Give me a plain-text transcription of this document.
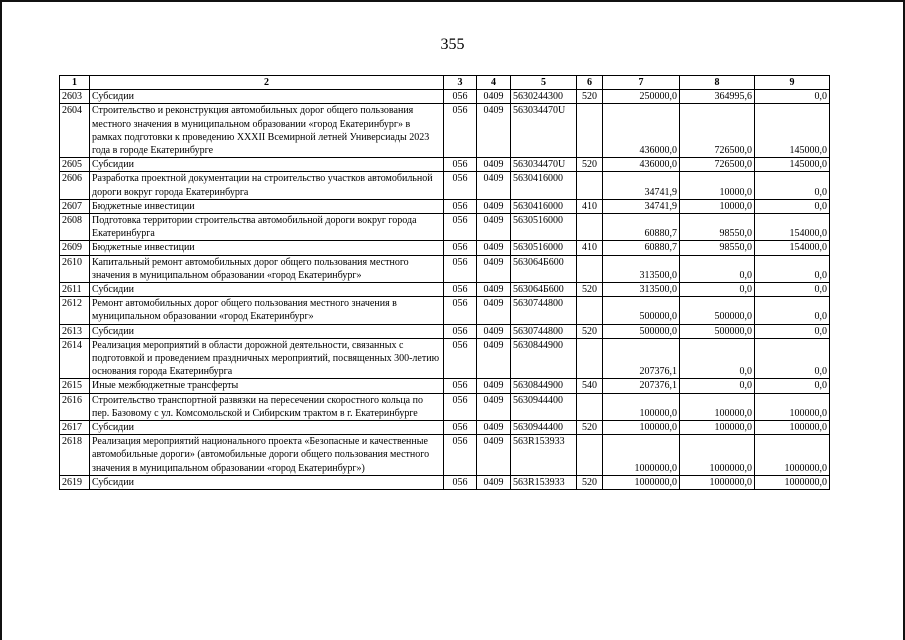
355
1	2	3	4	5	6	7	8	9
2603	Субсидии	056	0409	5630244300	520	250000,0	364995,6	0,0
2604	Строительство и реконструкция автомобильных дорог общего пользования местного значения в муниципальном образовании «город Екатеринбург» в рамках подготовки к проведению XXXII Всемирной летней Универсиады 2023 года в городе Екатеринбурге	056	0409	563034470U		436000,0	726500,0	145000,0
2605	Субсидии	056	0409	563034470U	520	436000,0	726500,0	145000,0
2606	Разработка проектной документации на строительство участков автомобильной дороги вокруг города Екатеринбурга	056	0409	5630416000		34741,9	10000,0	0,0
2607	Бюджетные инвестиции	056	0409	5630416000	410	34741,9	10000,0	0,0
2608	Подготовка территории строительства автомобильной дороги вокруг города Екатеринбурга	056	0409	5630516000		60880,7	98550,0	154000,0
2609	Бюджетные инвестиции	056	0409	5630516000	410	60880,7	98550,0	154000,0
2610	Капитальный ремонт автомобильных дорог общего пользования местного значения в муниципальном образовании «город Екатеринбург»	056	0409	563064Б600		313500,0	0,0	0,0
2611	Субсидии	056	0409	563064Б600	520	313500,0	0,0	0,0
2612	Ремонт автомобильных дорог общего пользования местного значения в муниципальном образовании «город Екатеринбург»	056	0409	5630744800		500000,0	500000,0	0,0
2613	Субсидии	056	0409	5630744800	520	500000,0	500000,0	0,0
2614	Реализация мероприятий в области дорожной деятельности, связанных с подготовкой и проведением праздничных мероприятий, посвященных 300-летию основания города Екатеринбурга	056	0409	5630844900		207376,1	0,0	0,0
2615	Иные межбюджетные трансферты	056	0409	5630844900	540	207376,1	0,0	0,0
2616	Строительство транспортной развязки на пересечении скоростного кольца по пер. Базовому с ул. Комсомольской и Сибирским трактом в г. Екатеринбурге	056	0409	5630944400		100000,0	100000,0	100000,0
2617	Субсидии	056	0409	5630944400	520	100000,0	100000,0	100000,0
2618	Реализация мероприятий национального проекта «Безопасные и качественные автомобильные дороги» (автомобильные дороги общего пользования местного значения в муниципальном образовании «город Екатеринбург»)	056	0409	563R153933		1000000,0	1000000,0	1000000,0
2619	Субсидии	056	0409	563R153933	520	1000000,0	1000000,0	1000000,0
